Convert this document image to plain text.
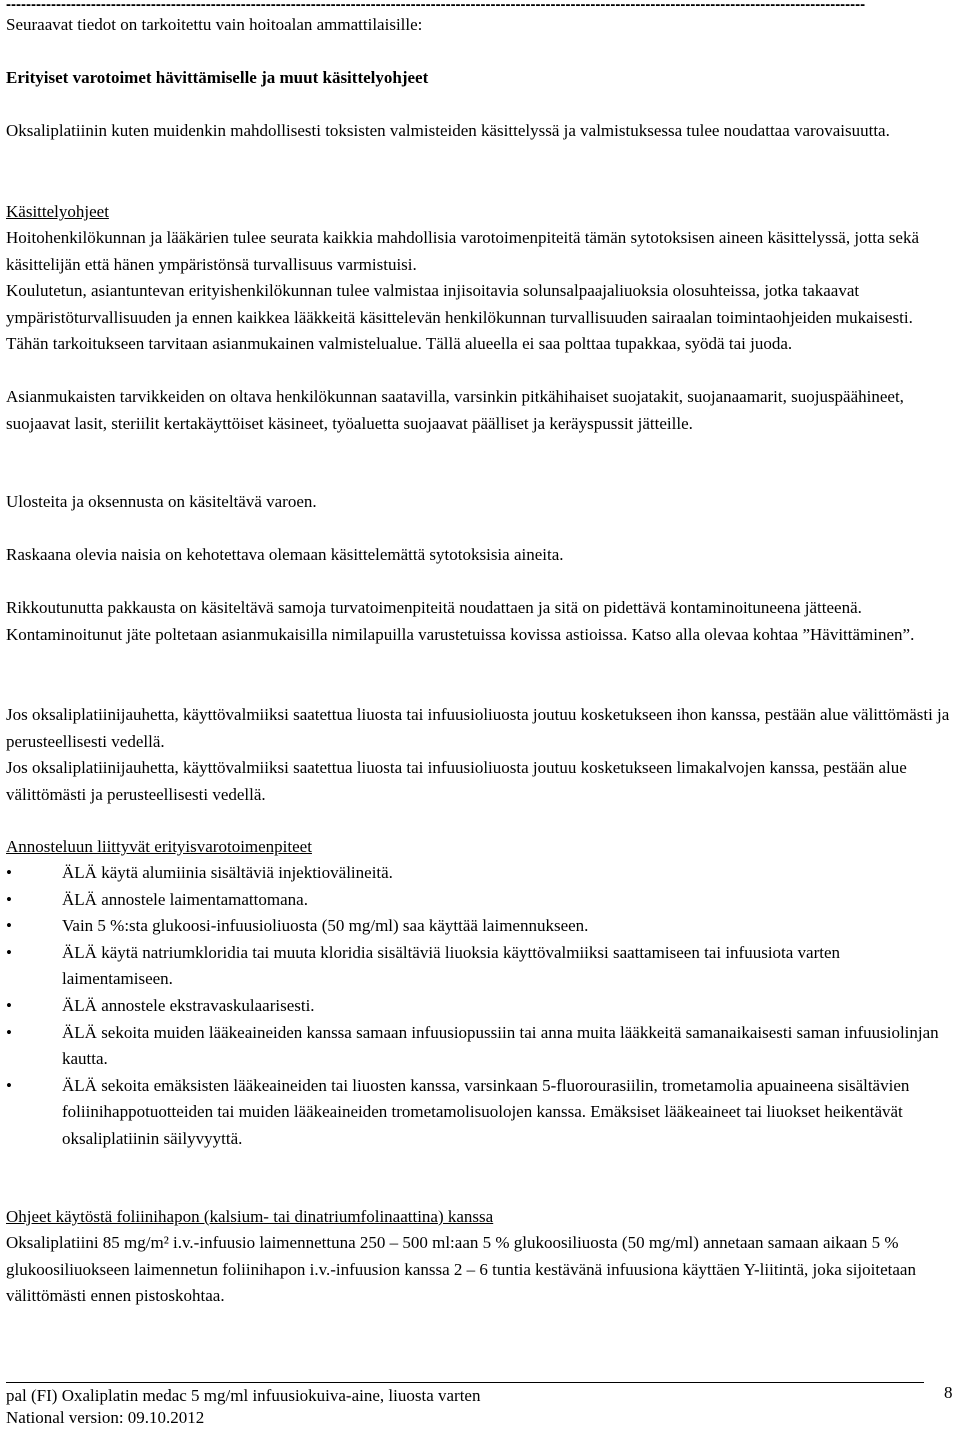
----------------------------------------------------------------------------------------------------------------------------------------------------------------------------

Seuraavat tiedot on tarkoitettu vain hoitoalan ammattilaisille:

Erityiset varotoimet hävittämiselle ja muut käsittelyohjeet

Oksaliplatiinin kuten muidenkin mahdollisesti toksisten valmisteiden käsittelyssä ja valmistuksessa tulee noudattaa varovaisuutta.

Käsittelyohjeet

Hoitohenkilökunnan ja lääkärien tulee seurata kaikkia mahdollisia varotoimenpiteitä tämän sytotoksisen aineen käsittelyssä, jotta sekä käsittelijän että hänen ympäristönsä turvallisuus varmistuisi.

Koulutetun, asiantuntevan erityishenkilökunnan tulee valmistaa injisoitavia solunsalpaajaliuoksia olosuhteissa, jotka takaavat ympäristöturvallisuuden ja ennen kaikkea lääkkeitä käsittelevän henkilökunnan turvallisuuden sairaalan toimintaohjeiden mukaisesti. Tähän tarkoitukseen tarvitaan asianmukainen valmistelualue. Tällä alueella ei saa polttaa tupakkaa, syödä tai juoda.

Asianmukaisten tarvikkeiden on oltava henkilökunnan saatavilla, varsinkin pitkähihaiset suojatakit, suojanaamarit, suojuspäähineet, suojaavat lasit, steriilit kertakäyttöiset käsineet, työaluetta suojaavat päälliset ja keräyspussit jätteille.

Ulosteita ja oksennusta on käsiteltävä varoen.

Raskaana olevia naisia on kehotettava olemaan käsittelemättä sytotoksisia aineita.

Rikkoutunutta pakkausta on käsiteltävä samoja turvatoimenpiteitä noudattaen ja sitä on pidettävä kontaminoituneena jätteenä. Kontaminoitunut jäte poltetaan asianmukaisilla nimilapuilla varustetuissa kovissa astioissa. Katso alla olevaa kohtaa ”Hävittäminen”.

Jos oksaliplatiinijauhetta, käyttövalmiiksi saatettua liuosta tai infuusioliuosta joutuu kosketukseen ihon kanssa, pestään alue välittömästi ja perusteellisesti vedellä.

Jos oksaliplatiinijauhetta, käyttövalmiiksi saatettua liuosta tai infuusioliuosta joutuu kosketukseen limakalvojen kanssa, pestään alue välittömästi ja perusteellisesti vedellä.

Annosteluun liittyvät erityisvarotoimenpiteet

•	ÄLÄ käytä alumiinia sisältäviä injektiovälineitä.
•	ÄLÄ annostele laimentamattomana.
•	Vain 5 %:sta glukoosi-infuusioliuosta (50 mg/ml) saa käyttää laimennukseen.
•	ÄLÄ käytä natriumkloridia tai muuta kloridia sisältäviä liuoksia käyttövalmiiksi saattamiseen tai infuusiota varten laimentamiseen.
•	ÄLÄ annostele ekstravaskulaarisesti.
•	ÄLÄ sekoita muiden lääkeaineiden kanssa samaan infuusiopussiin tai anna muita lääkkeitä samanaikaisesti saman infuusiolinjan kautta.
•	ÄLÄ sekoita emäksisten lääkeaineiden tai liuosten kanssa, varsinkaan 5-fluorourasiilin, trometamolia apuaineena sisältävien foliinihappotuotteiden tai muiden lääkeaineiden trometamolisuolojen kanssa. Emäksiset lääkeaineet tai liuokset heikentävät oksaliplatiinin säilyvyyttä.

Ohjeet käytöstä foliinihapon (kalsium- tai dinatriumfolinaattina) kanssa

Oksaliplatiini 85 mg/m² i.v.-infuusio laimennettuna 250 – 500 ml:aan 5 % glukoosiliuosta (50 mg/ml) annetaan samaan aikaan 5 % glukoosiliuokseen laimennetun foliinihapon i.v.-infuusion kanssa 2 – 6 tuntia kestävänä infuusiona käyttäen Y-liitintä, joka sijoitetaan välittömästi ennen pistoskohtaa.

pal (FI) Oxaliplatin medac 5 mg/ml infuusiokuiva-aine, liuosta varten
National version: 09.10.2012
8
